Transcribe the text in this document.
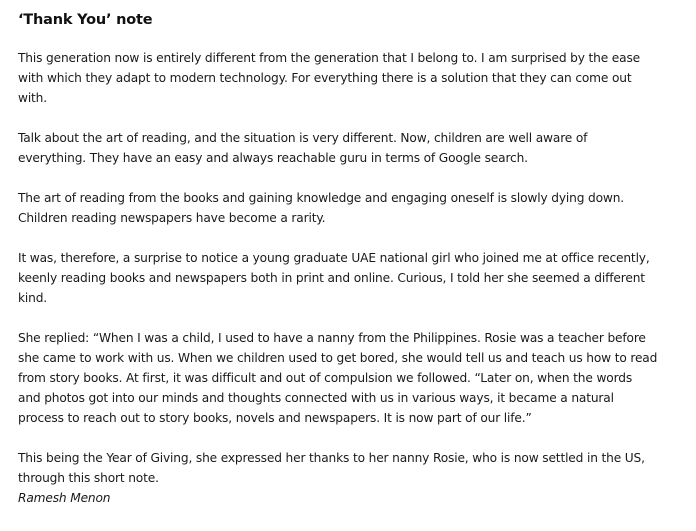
‘Thank You’ note

This generation now is entirely different from the generation that I belong to. I am surprised by the ease with which they adapt to modern technology. For everything there is a solution that they can come out with.

Talk about the art of reading, and the situation is very different. Now, children are well aware of everything. They have an easy and always reachable guru in terms of Google search.

The art of reading from the books and gaining knowledge and engaging oneself is slowly dying down. Children reading newspapers have become a rarity.

It was, therefore, a surprise to notice a young graduate UAE national girl who joined me at office recently, keenly reading books and newspapers both in print and online. Curious, I told her she seemed a different kind.

She replied: “When I was a child, I used to have a nanny from the Philippines. Rosie was a teacher before she came to work with us. When we children used to get bored, she would tell us and teach us how to read from story books. At first, it was difficult and out of compulsion we followed. “Later on, when the words and photos got into our minds and thoughts connected with us in various ways, it became a natural process to reach out to story books, novels and newspapers. It is now part of our life.”

This being the Year of Giving, she expressed her thanks to her nanny Rosie, who is now settled in the US, through this short note.

Ramesh Menon
